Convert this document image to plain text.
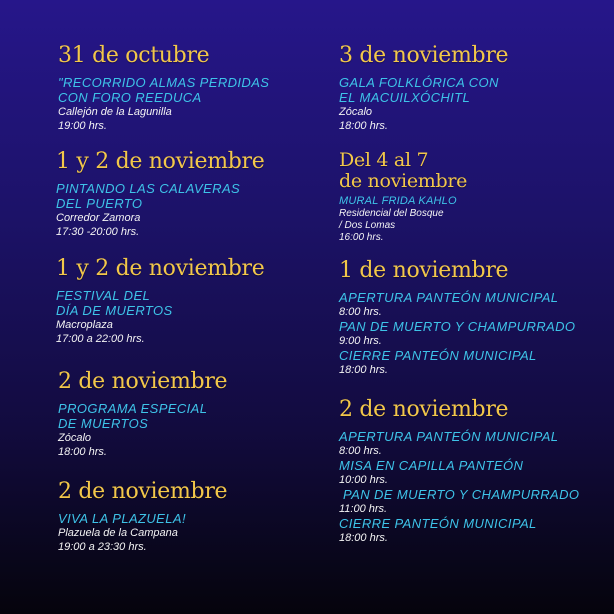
31 de octubre

"RECORRIDO ALMAS PERDIDAS

CON FORO REEDUCA

Callejón de la Lagunilla

19:00 hrs.

1 y 2 de noviembre

PINTANDO LAS CALAVERAS

DEL PUERTO

Corredor Zamora

17:30 -20:00 hrs.

1 y 2 de noviembre

FESTIVAL DEL

DÍA DE MUERTOS

Macroplaza

17:00 a 22:00 hrs.

2 de noviembre

PROGRAMA ESPECIAL

DE MUERTOS

Zócalo

18:00 hrs.

2 de noviembre

VIVA LA PLAZUELA!

Plazuela de la Campana

19:00 a 23:30 hrs.

3 de noviembre

GALA FOLKLÓRICA CON

EL MACUILXÓCHITL

Zócalo

18:00 hrs.

Del 4 al 7

de noviembre

MURAL FRIDA KAHLO

Residencial del Bosque

/ Dos Lomas

16:00 hrs.

1 de noviembre

APERTURA PANTEÓN MUNICIPAL

8:00 hrs.

PAN DE MUERTO Y CHAMPURRADO

9:00 hrs.

CIERRE PANTEÓN MUNICIPAL

18:00 hrs.

2 de noviembre

APERTURA PANTEÓN MUNICIPAL

8:00 hrs.

MISA EN CAPILLA PANTEÓN

10:00 hrs.

PAN DE MUERTO Y CHAMPURRADO

11:00 hrs.

CIERRE PANTEÓN MUNICIPAL

18:00 hrs.
